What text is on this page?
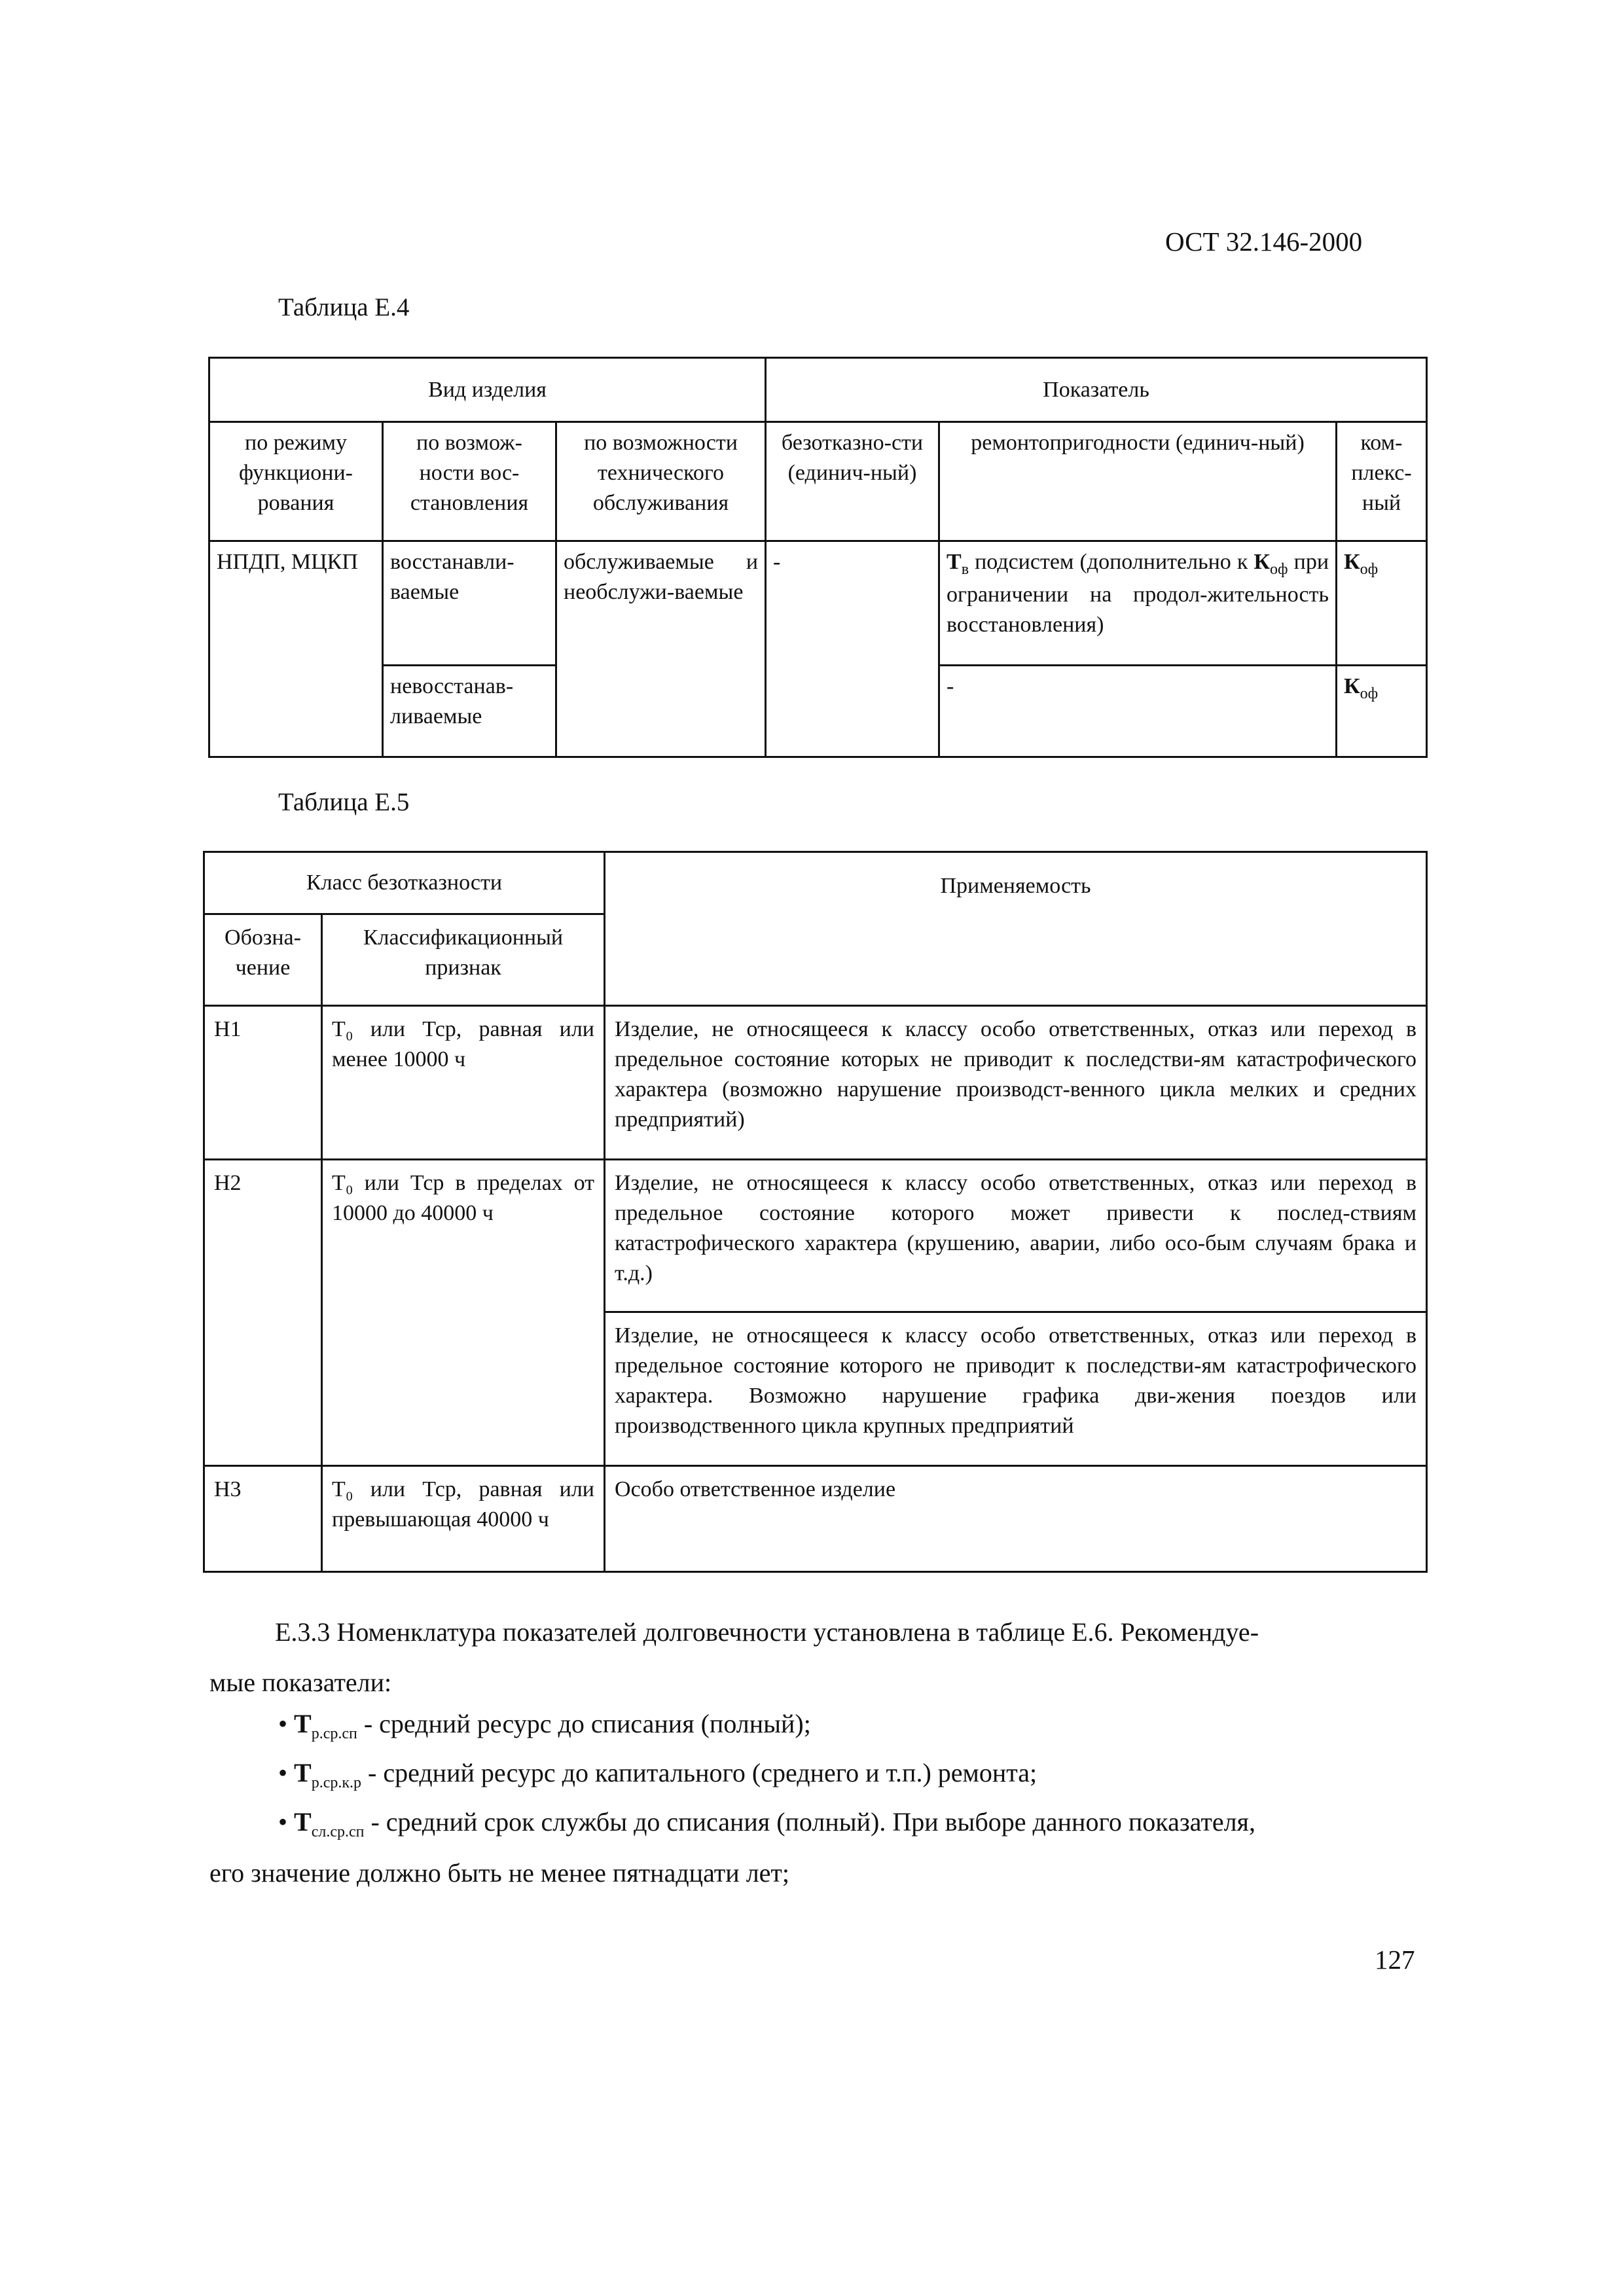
ОСТ 32.146-2000
Таблица Е.4
Вид изделия			Показатель		
по режиму функциони-рования	по возмож-ности вос-становления	по возможности технического обслуживания	безотказно-сти (единич-ный)	ремонтопригодности (единич-ный)	ком-плекс-ный
НПДП, МЦКП	восстанавли-ваемые	обслуживаемые и необслужи-ваемые	-	$Т_в$ подсистем (дополнительно к $К_{оф}$ при ограничении на продол-жительность восстановления)	$К_{оф}$
	невосстанав-ливаемые			-	$К_{оф}$
Таблица Е.5
Класс безотказности		Применяемость
Обозна-чение	Классификационный признак	
Н1	Т₀ или Тср, равная или менее 10000 ч	Изделие, не относящееся к классу особо ответственных, отказ или переход в предельное состояние которых не приводит к последстви-ям катастрофического характера (возможно нарушение производст-венного цикла мелких и средних предприятий)
Н2	Т₀ или Тср в пределах от 10000 до 40000 ч	Изделие, не относящееся к классу особо ответственных, отказ или переход в предельное состояние которого может привести к послед-ствиям катастрофического характера (крушению, аварии, либо осо-бым случаям брака и т.д.)
		Изделие, не относящееся к классу особо ответственных, отказ или переход в предельное состояние которого не приводит к последстви-ям катастрофического характера. Возможно нарушение графика дви-жения поездов или производственного цикла крупных предприятий
Н3	Т₀ или Тср, равная или превышающая 40000 ч	Особо ответственное изделие
Е.3.3 Номенклатура показателей долговечности установлена в таблице Е.6. Рекомендуе-
мые показатели:
• $Т_{р.ср.сп}$ - средний ресурс до списания (полный);
• $Т_{р.ср.к.р}$ - средний ресурс до капитального (среднего и т.п.) ремонта;
• $Т_{сл.ср.сп}$ - средний срок службы до списания (полный). При выборе данного показателя,
его значение должно быть не менее пятнадцати лет;
127
